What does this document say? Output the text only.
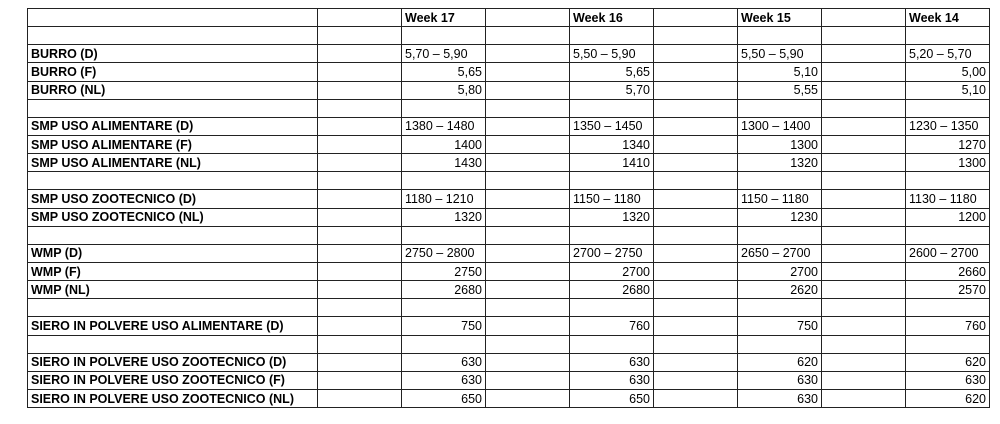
		Week 17		Week 16		Week 15		Week 14

BURRO (D)		5,70 – 5,90		5,50 – 5,90		5,50 – 5,90		5,20 – 5,70
BURRO (F)		5,65		5,65		5,10		5,00
BURRO (NL)		5,80		5,70		5,55		5,10

SMP USO ALIMENTARE (D)		1380 – 1480		1350 – 1450		1300 – 1400		1230 – 1350
SMP USO ALIMENTARE (F)		1400		1340		1300		1270
SMP USO ALIMENTARE (NL)		1430		1410		1320		1300

SMP USO ZOOTECNICO (D)		1180 – 1210		1150 – 1180		1150 – 1180		1130 – 1180
SMP USO ZOOTECNICO (NL)		1320		1320		1230		1200

WMP (D)		2750 – 2800		2700 – 2750		2650 – 2700		2600 – 2700
WMP (F)		2750		2700		2700		2660
WMP (NL)		2680		2680		2620		2570

SIERO IN POLVERE USO ALIMENTARE (D)		750		760		750		760

SIERO IN POLVERE USO ZOOTECNICO (D)		630		630		620		620
SIERO IN POLVERE USO ZOOTECNICO (F)		630		630		630		630
SIERO IN POLVERE USO ZOOTECNICO (NL)		650		650		630		620
